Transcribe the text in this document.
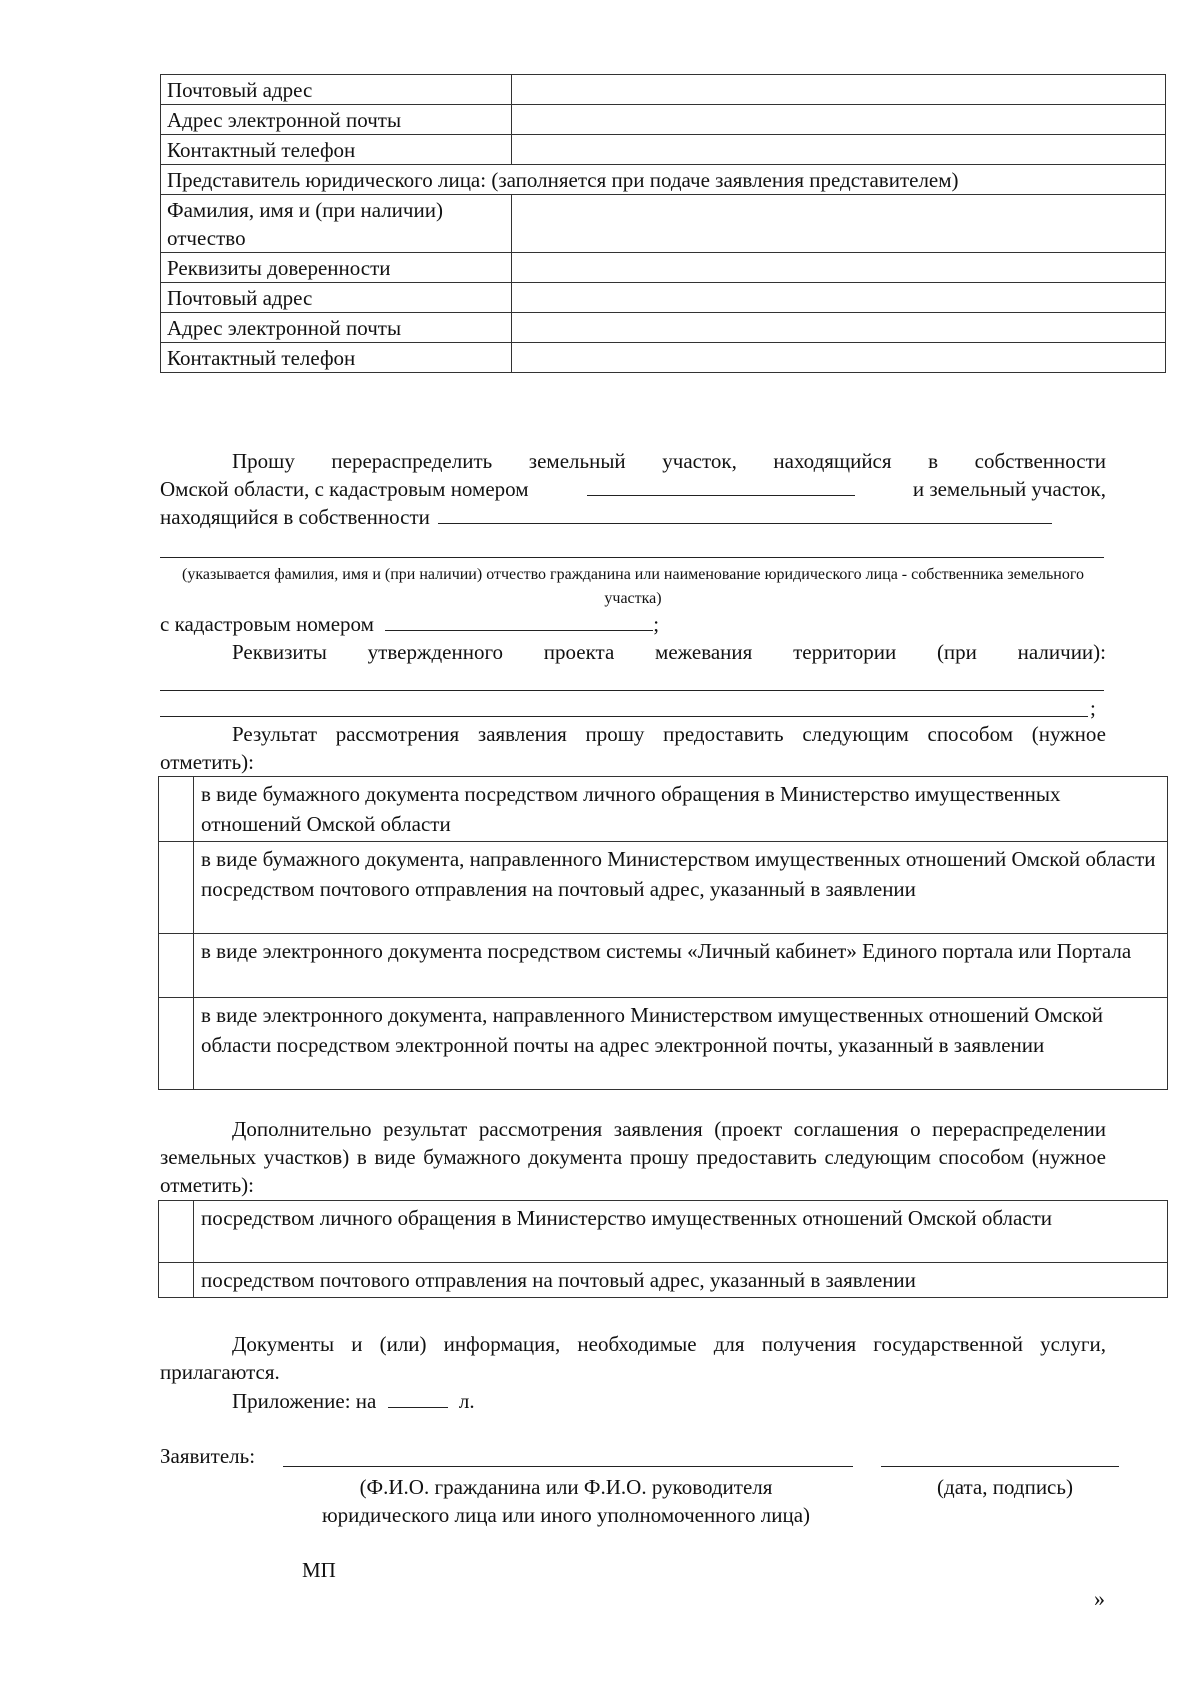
Почтовый адрес	
Адрес электронной почты	
Контактный телефон	
Представитель юридического лица: (заполняется при подаче заявления представителем)	
Фамилия, имя и (при наличии) отчество	
Реквизиты доверенности	
Почтовый адрес	
Адрес электронной почты	
Контактный телефон	
Прошу перераспределить земельный участок, находящийся в собственности
Омской области, с кадастровым номером	и земельный участок,
находящийся в собственности
(указывается фамилия, имя и (при наличии) отчество гражданина или наименование юридического лица - собственника земельного участка)
с кадастровым номером	;
Реквизиты утвержденного проекта межевания территории (при наличии):
;
Результат рассмотрения заявления прошу предоставить следующим способом (нужное отметить):
	в виде бумажного документа посредством личного обращения в Министерство имущественных отношений Омской области
	в виде бумажного документа, направленного Министерством имущественных отношений Омской области посредством почтового отправления на почтовый адрес, указанный в заявлении
	в виде электронного документа посредством системы «Личный кабинет» Единого портала или Портала
	в виде электронного документа, направленного Министерством имущественных отношений Омской области посредством электронной почты на адрес электронной почты, указанный в заявлении
Дополнительно результат рассмотрения заявления (проект соглашения о перераспределении земельных участков) в виде бумажного документа прошу предоставить следующим способом (нужное отметить):
	посредством личного обращения в Министерство имущественных отношений Омской области
	посредством почтового отправления на почтовый адрес, указанный в заявлении
Документы и (или) информация, необходимые для получения государственной услуги, прилагаются.
Приложение: на	л.
Заявитель:
(Ф.И.О. гражданина или Ф.И.О. руководителя юридического лица или иного уполномоченного лица)
(дата, подпись)
МП
»
